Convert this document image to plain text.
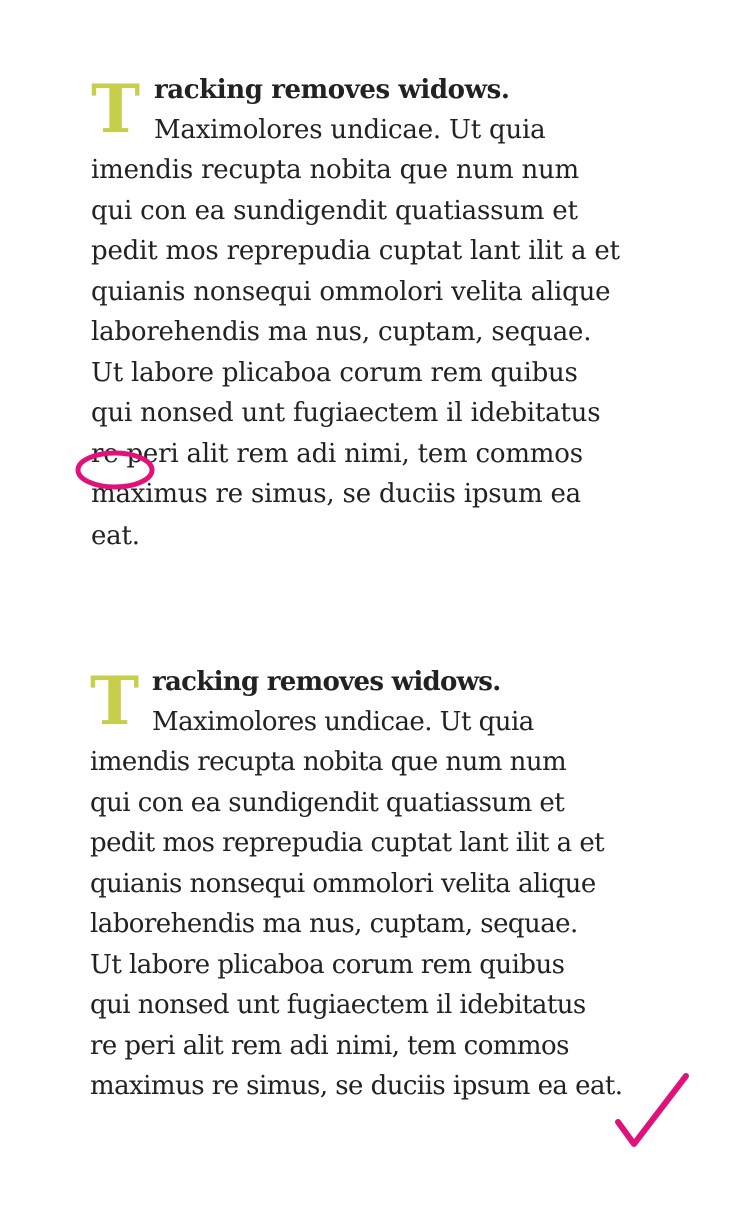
T racking removes widows.
Maximolores undicae. Ut quia
imendis recupta nobita que num num
qui con ea sundigendit quatiassum et
pedit mos reprepudia cuptat lant ilit a et
quianis nonsequi ommolori velita alique
laborehendis ma nus, cuptam, sequae.
Ut labore plicaboa corum rem quibus
qui nonsed unt fugiaectem il idebitatus
re peri alit rem adi nimi, tem commos
maximus re simus, se duciis ipsum ea
eat.
T racking removes widows.
Maximolores undicae. Ut quia
imendis recupta nobita que num num
qui con ea sundigendit quatiassum et
pedit mos reprepudia cuptat lant ilit a et
quianis nonsequi ommolori velita alique
laborehendis ma nus, cuptam, sequae.
Ut labore plicaboa corum rem quibus
qui nonsed unt fugiaectem il idebitatus
re peri alit rem adi nimi, tem commos
maximus re simus, se duciis ipsum ea eat.
